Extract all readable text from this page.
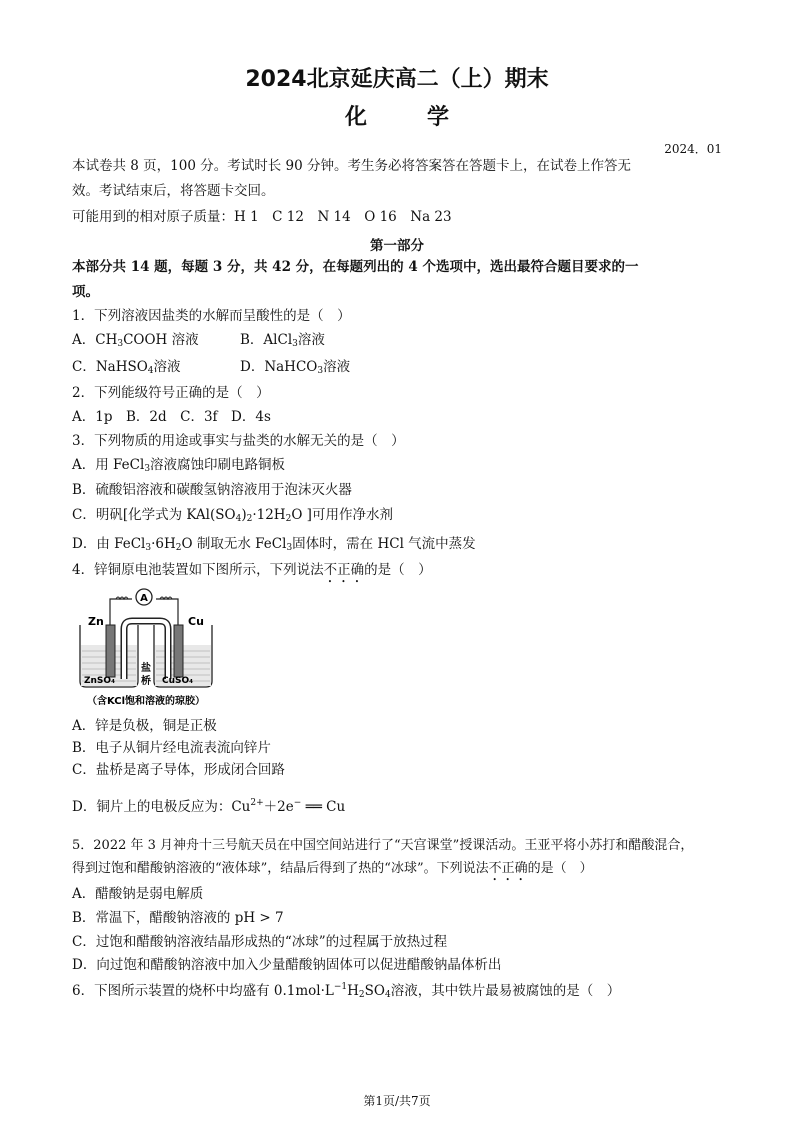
2024北京延庆高二（上）期末
化	学
2024．01
本试卷共 8 页，100 分。考试时长 90 分钟。考生务必将答案答在答题卡上，在试卷上作答无
效。考试结束后，将答题卡交回。
可能用到的相对原子质量：H 1　C 12　N 14　O 16　Na 23
第一部分
本部分共 14 题，每题 3 分，共 42 分，在每题列出的 4 个选项中，选出最符合题目要求的一
项。
1．下列溶液因盐类的水解而呈酸性的是（　）
A．$CH_3COOH$ 溶液	B．AlCl$_3$溶液
C．NaHSO$_4$溶液	D．NaHCO$_3$溶液
2．下列能级符号正确的是（　）
A．1p　B．2d　C．3f　D．4s
3．下列物质的用途或事实与盐类的水解无关的是（　）
A．用 FeCl$_3$溶液腐蚀印刷电路铜板
B．硫酸铝溶液和碳酸氢钠溶液用于泡沫灭火器
C．明矾[化学式为 $KAl(SO_4)_2\cdot 12H_2O$ ]可用作净水剂
D．由 $FeCl_3\cdot 6H_2O$ 制取无水 FeCl$_3$固体时，需在 HCl 气流中蒸发
4．锌铜原电池装置如下图所示，下列说法不正确的是（　）
A
Zn	Cu
ZnSO₄	CuSO₄
盐
桥
（含KCl饱和溶液的琼胶）
A．锌是负极，铜是正极
B．电子从铜片经电流表流向锌片
C．盐桥是离子导体，形成闭合回路
D．铜片上的电极反应为：$Cu^{2+}+2e^-$ ══ Cu
5．2022 年 3 月神舟十三号航天员在中国空间站进行了“天宫课堂”授课活动。王亚平将小苏打和醋酸混合，
得到过饱和醋酸钠溶液的“液体球”，结晶后得到了热的“冰球”。下列说法不正确的是（　）
A．醋酸钠是弱电解质
B．常温下，醋酸钠溶液的 pH > 7
C．过饱和醋酸钠溶液结晶形成热的“冰球”的过程属于放热过程
D．向过饱和醋酸钠溶液中加入少量醋酸钠固体可以促进醋酸钠晶体析出
6．下图所示装置的烧杯中均盛有 $0.1mol\cdot L^{-1}H_2SO_4$溶液，其中铁片最易被腐蚀的是（　）
第1页/共7页
